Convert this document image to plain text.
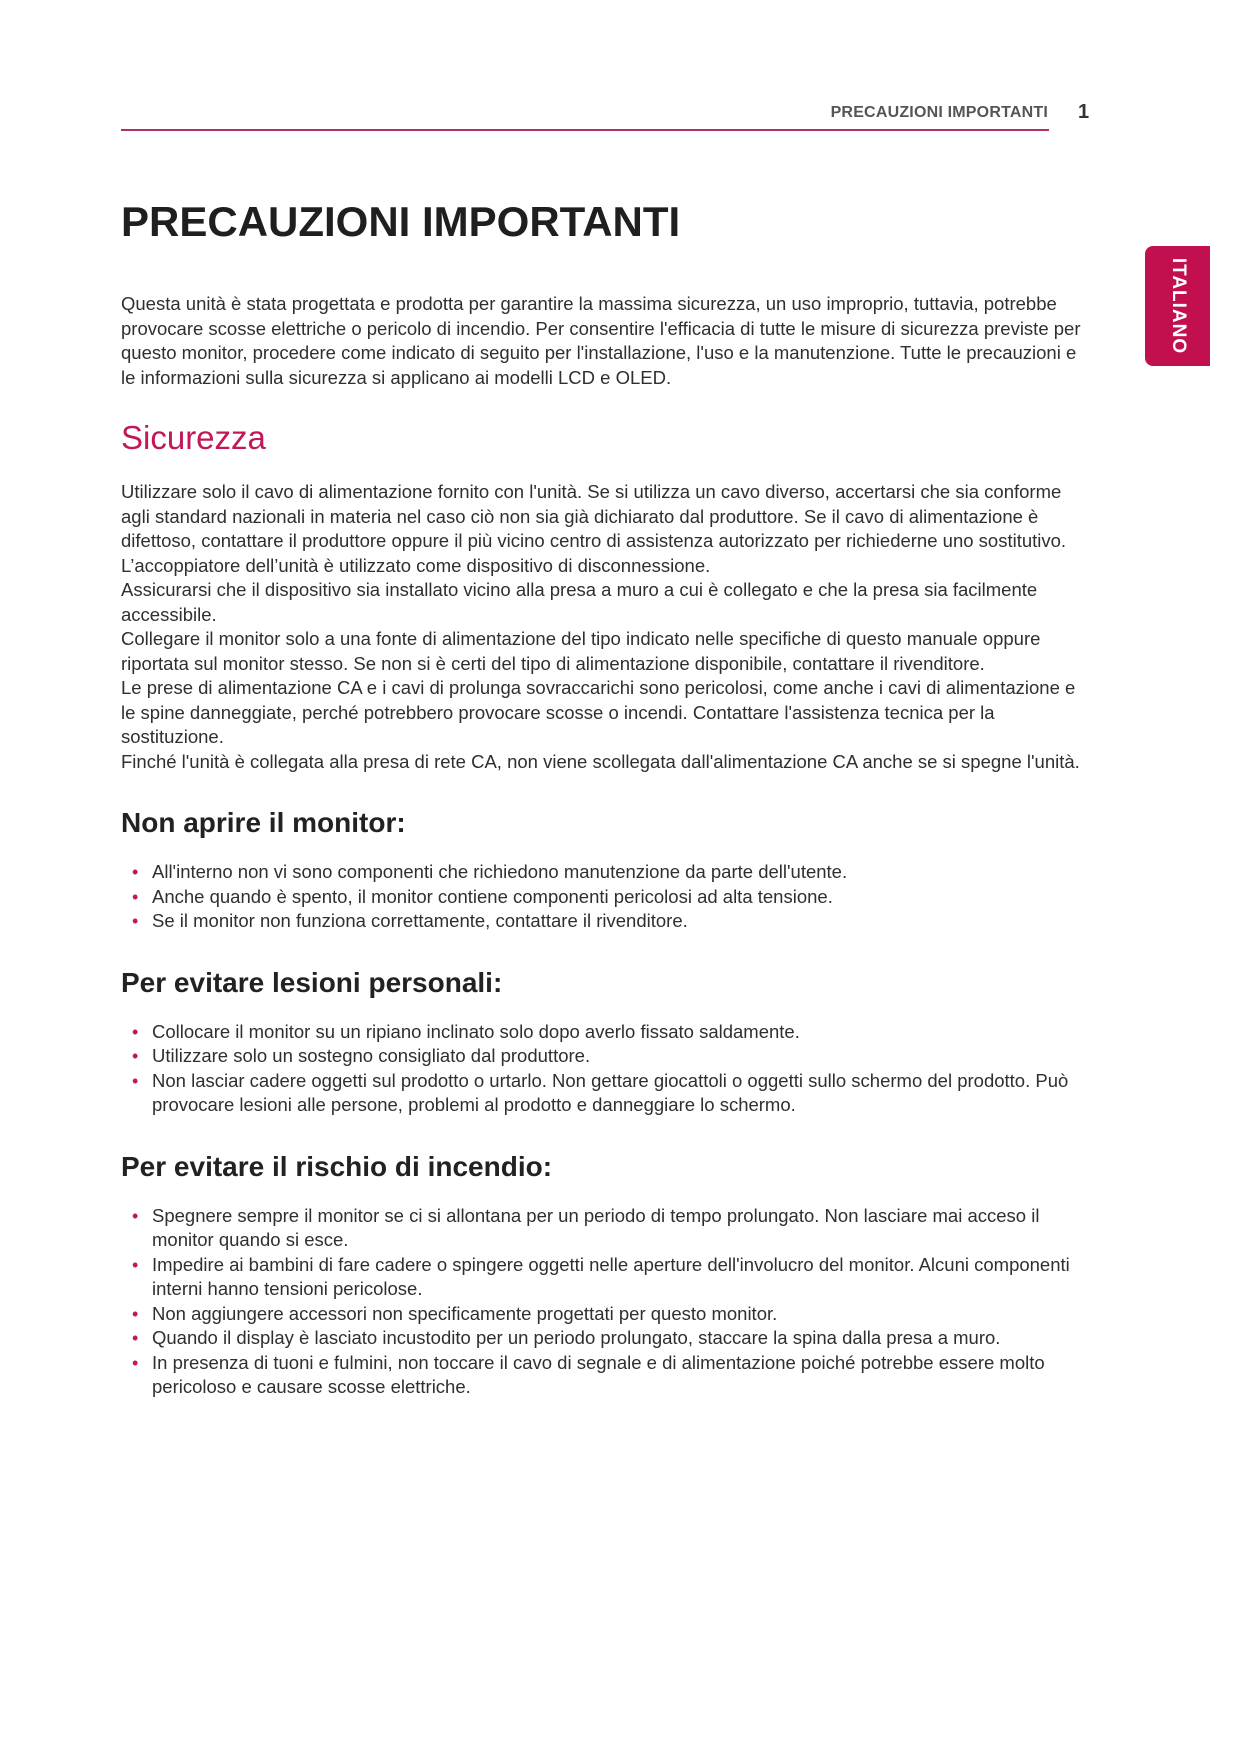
PRECAUZIONI IMPORTANTI 1
ITALIANO
PRECAUZIONI IMPORTANTI

Questa unità è stata progettata e prodotta per garantire la massima sicurezza, un uso improprio, tuttavia, potrebbe provocare scosse elettriche o pericolo di incendio. Per consentire l'efficacia di tutte le misure di sicurezza previste per questo monitor, procedere come indicato di seguito per l'installazione, l'uso e la manutenzione. Tutte le precauzioni e le informazioni sulla sicurezza si applicano ai modelli LCD e OLED.

Sicurezza

Utilizzare solo il cavo di alimentazione fornito con l'unità. Se si utilizza un cavo diverso, accertarsi che sia conforme agli standard nazionali in materia nel caso ciò non sia già dichiarato dal produttore. Se il cavo di alimentazione è difettoso, contattare il produttore oppure il più vicino centro di assistenza autorizzato per richiederne uno sostitutivo.

L’accoppiatore dell’unità è utilizzato come dispositivo di disconnessione.

Assicurarsi che il dispositivo sia installato vicino alla presa a muro a cui è collegato e che la presa sia facilmente accessibile.

Collegare il monitor solo a una fonte di alimentazione del tipo indicato nelle specifiche di questo manuale oppure riportata sul monitor stesso. Se non si è certi del tipo di alimentazione disponibile, contattare il rivenditore.

Le prese di alimentazione CA e i cavi di prolunga sovraccarichi sono pericolosi, come anche i cavi di alimentazione e le spine danneggiate, perché potrebbero provocare scosse o incendi. Contattare l'assistenza tecnica per la sostituzione.

Finché l'unità è collegata alla presa di rete CA, non viene scollegata dall'alimentazione CA anche se si spegne l'unità.

Non aprire il monitor:
• All'interno non vi sono componenti che richiedono manutenzione da parte dell'utente.
• Anche quando è spento, il monitor contiene componenti pericolosi ad alta tensione.
• Se il monitor non funziona correttamente, contattare il rivenditore.
Per evitare lesioni personali:
• Collocare il monitor su un ripiano inclinato solo dopo averlo fissato saldamente.
• Utilizzare solo un sostegno consigliato dal produttore.
• Non lasciar cadere oggetti sul prodotto o urtarlo. Non gettare giocattoli o oggetti sullo schermo del prodotto. Può provocare lesioni alle persone, problemi al prodotto e danneggiare lo schermo.
Per evitare il rischio di incendio:
• Spegnere sempre il monitor se ci si allontana per un periodo di tempo prolungato. Non lasciare mai acceso il monitor quando si esce.
• Impedire ai bambini di fare cadere o spingere oggetti nelle aperture dell'involucro del monitor. Alcuni componenti interni hanno tensioni pericolose.
• Non aggiungere accessori non specificamente progettati per questo monitor.
• Quando il display è lasciato incustodito per un periodo prolungato, staccare la spina dalla presa a muro.
• In presenza di tuoni e fulmini, non toccare il cavo di segnale e di alimentazione poiché potrebbe essere molto pericoloso e causare scosse elettriche.
